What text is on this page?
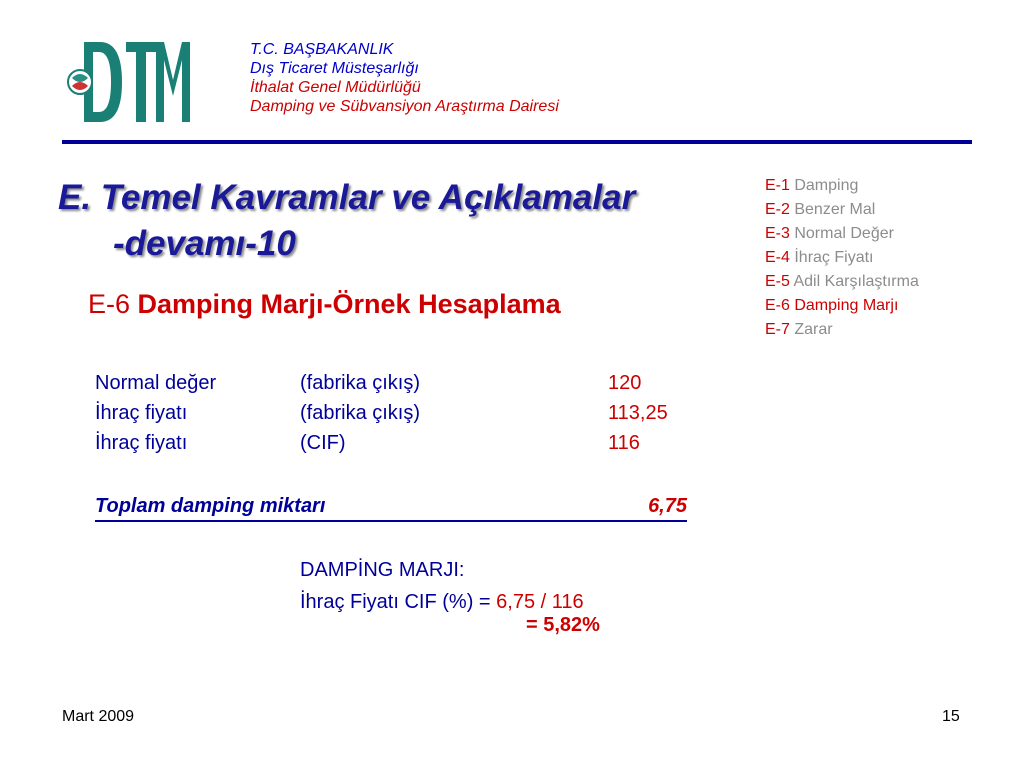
T.C. BAŞBAKANLIK
Dış Ticaret Müsteşarlığı
İthalat Genel Müdürlüğü
Damping ve Sübvansiyon Araştırma Dairesi
E. Temel Kavramlar ve Açıklamalar
-devamı-10
E-6 Damping Marjı-Örnek Hesaplama
E-1 Damping
E-2 Benzer Mal
E-3 Normal Değer
E-4 İhraç Fiyatı
E-5 Adil Karşılaştırma
E-6 Damping Marjı
E-7 Zarar
Normal değer	(fabrika çıkış)	120
İhraç fiyatı	(fabrika çıkış)	113,25
İhraç fiyatı	(CIF)	116
Toplam damping miktarı	6,75
DAMPİNG MARJI:
İhraç Fiyatı CIF (%) = 6,75 / 116
= 5,82%
Mart 2009	15
